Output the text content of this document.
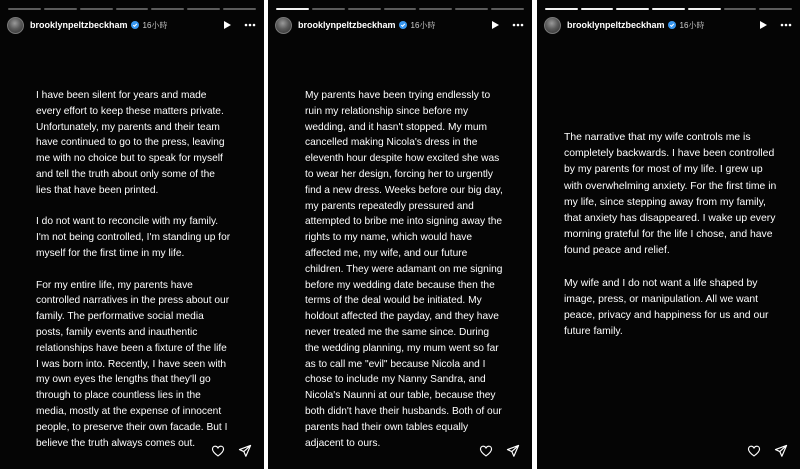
brooklynpeltzbeckham 16小時

I have been silent for years and made every effort to keep these matters private. Unfortunately, my parents and their team have continued to go to the press, leaving me with no choice but to speak for myself and tell the truth about only some of the lies that have been printed.

I do not want to reconcile with my family. I'm not being controlled, I'm standing up for myself for the first time in my life.

For my entire life, my parents have controlled narratives in the press about our family. The performative social media posts, family events and inauthentic relationships have been a fixture of the life I was born into. Recently, I have seen with my own eyes the lengths that they'll go through to place countless lies in the media, mostly at the expense of innocent people, to preserve their own facade. But I believe the truth always comes out.

brooklynpeltzbeckham 16小時

My parents have been trying endlessly to ruin my relationship since before my wedding, and it hasn't stopped. My mum cancelled making Nicola's dress in the eleventh hour despite how excited she was to wear her design, forcing her to urgently find a new dress. Weeks before our big day, my parents repeatedly pressured and attempted to bribe me into signing away the rights to my name, which would have affected me, my wife, and our future children. They were adamant on me signing before my wedding date because then the terms of the deal would be initiated. My holdout affected the payday, and they have never treated me the same since. During the wedding planning, my mum went so far as to call me "evil" because Nicola and I chose to include my Nanny Sandra, and Nicola's Naunni at our table, because they both didn't have their husbands. Both of our parents had their own tables equally adjacent to ours.

brooklynpeltzbeckham 16小時

The narrative that my wife controls me is completely backwards. I have been controlled by my parents for most of my life. I grew up with overwhelming anxiety. For the first time in my life, since stepping away from my family, that anxiety has disappeared. I wake up every morning grateful for the life I chose, and have found peace and relief.

My wife and I do not want a life shaped by image, press, or manipulation. All we want peace, privacy and happiness for us and our future family.
